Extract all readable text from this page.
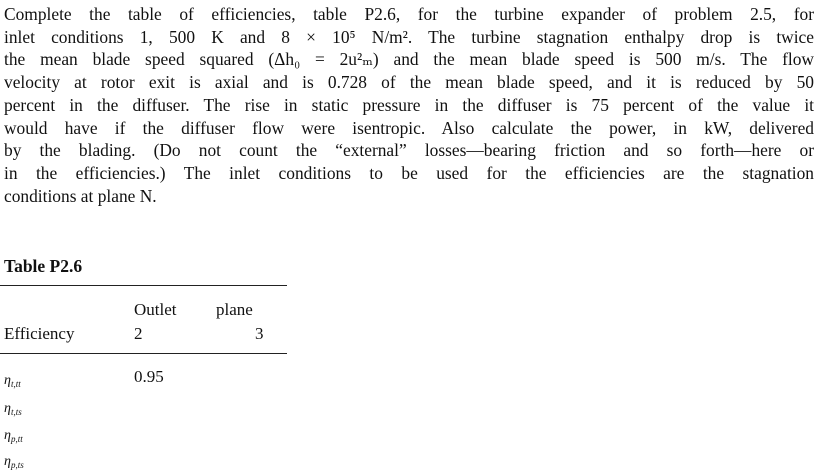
Complete the table of efficiencies, table P2.6, for the turbine expander of problem 2.5, for
inlet conditions 1, 500 K and 8 × 10⁵ N/m². The turbine stagnation enthalpy drop is twice
the mean blade speed squared (Δh₀ = 2u²ₘ) and the mean blade speed is 500 m/s. The flow
velocity at rotor exit is axial and is 0.728 of the mean blade speed, and it is reduced by 50
percent in the diffuser. The rise in static pressure in the diffuser is 75 percent of the value it
would have if the diffuser flow were isentropic. Also calculate the power, in kW, delivered
by the blading. (Do not count the “external” losses—bearing friction and so forth—here or
in the efficiencies.) The inlet conditions to be used for the efficiencies are the stagnation
conditions at plane N.
Table P2.6
Outlet plane
Efficiency	2	3
$\eta_{t,tt}$	0.95
$\eta_{t,ts}$
$\eta_{p,tt}$
$\eta_{p,ts}$
